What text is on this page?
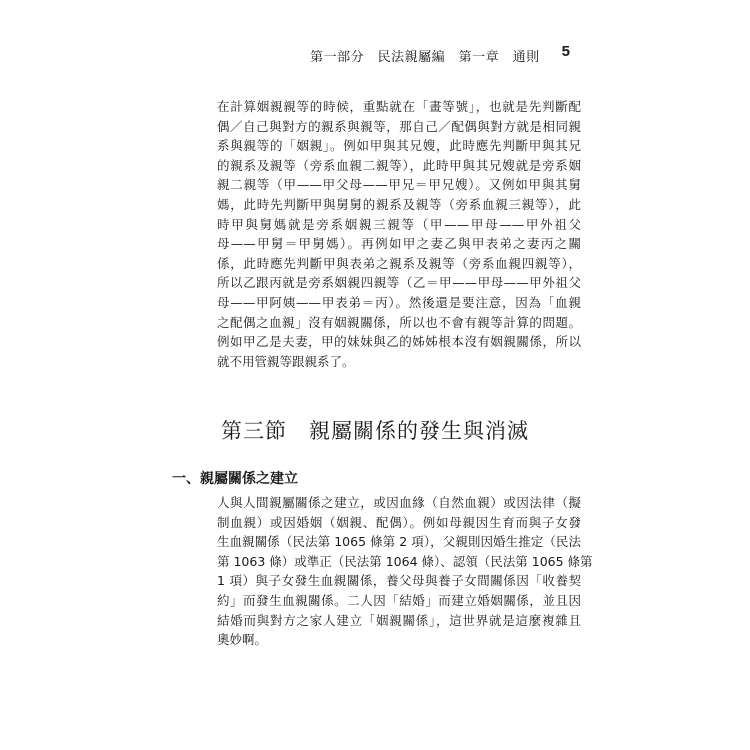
第一部分　民法親屬編　第一章　通則 5

在計算姻親親等的時候，重點就在「畫等號」，也就是先判斷配
偶／自己與對方的親系與親等，那自己／配偶與對方就是相同親
系與親等的「姻親」。例如甲與其兄嫂，此時應先判斷甲與其兄
的親系及親等（旁系血親二親等），此時甲與其兄嫂就是旁系姻
親二親等（甲——甲父母——甲兄＝甲兄嫂）。又例如甲與其舅
媽，此時先判斷甲與舅舅的親系及親等（旁系血親三親等），此
時甲與舅媽就是旁系姻親三親等（甲——甲母——甲外祖父
母——甲舅＝甲舅媽）。再例如甲之妻乙與甲表弟之妻丙之關
係，此時應先判斷甲與表弟之親系及親等（旁系血親四親等），
所以乙跟丙就是旁系姻親四親等（乙＝甲——甲母——甲外祖父
母——甲阿姨——甲表弟＝丙）。然後還是要注意，因為「血親
之配偶之血親」沒有姻親關係，所以也不會有親等計算的問題。
例如甲乙是夫妻，甲的妹妹與乙的姊姊根本沒有姻親關係，所以
就不用管親等跟親系了。

第三節 親屬關係的發生與消滅
一、親屬關係之建立

人與人間親屬關係之建立，或因血緣（自然血親）或因法律（擬
制血親）或因婚姻（姻親、配偶）。例如母親因生育而與子女發
生血親關係（民法第 1065 條第 2 項），父親則因婚生推定（民法
第 1063 條）或準正（民法第 1064 條）、認領（民法第 1065 條第
1 項）與子女發生血親關係，養父母與養子女間關係因「收養契
約」而發生血親關係。二人因「結婚」而建立婚姻關係，並且因
結婚而與對方之家人建立「姻親關係」，這世界就是這麼複雜且
奧妙啊。
